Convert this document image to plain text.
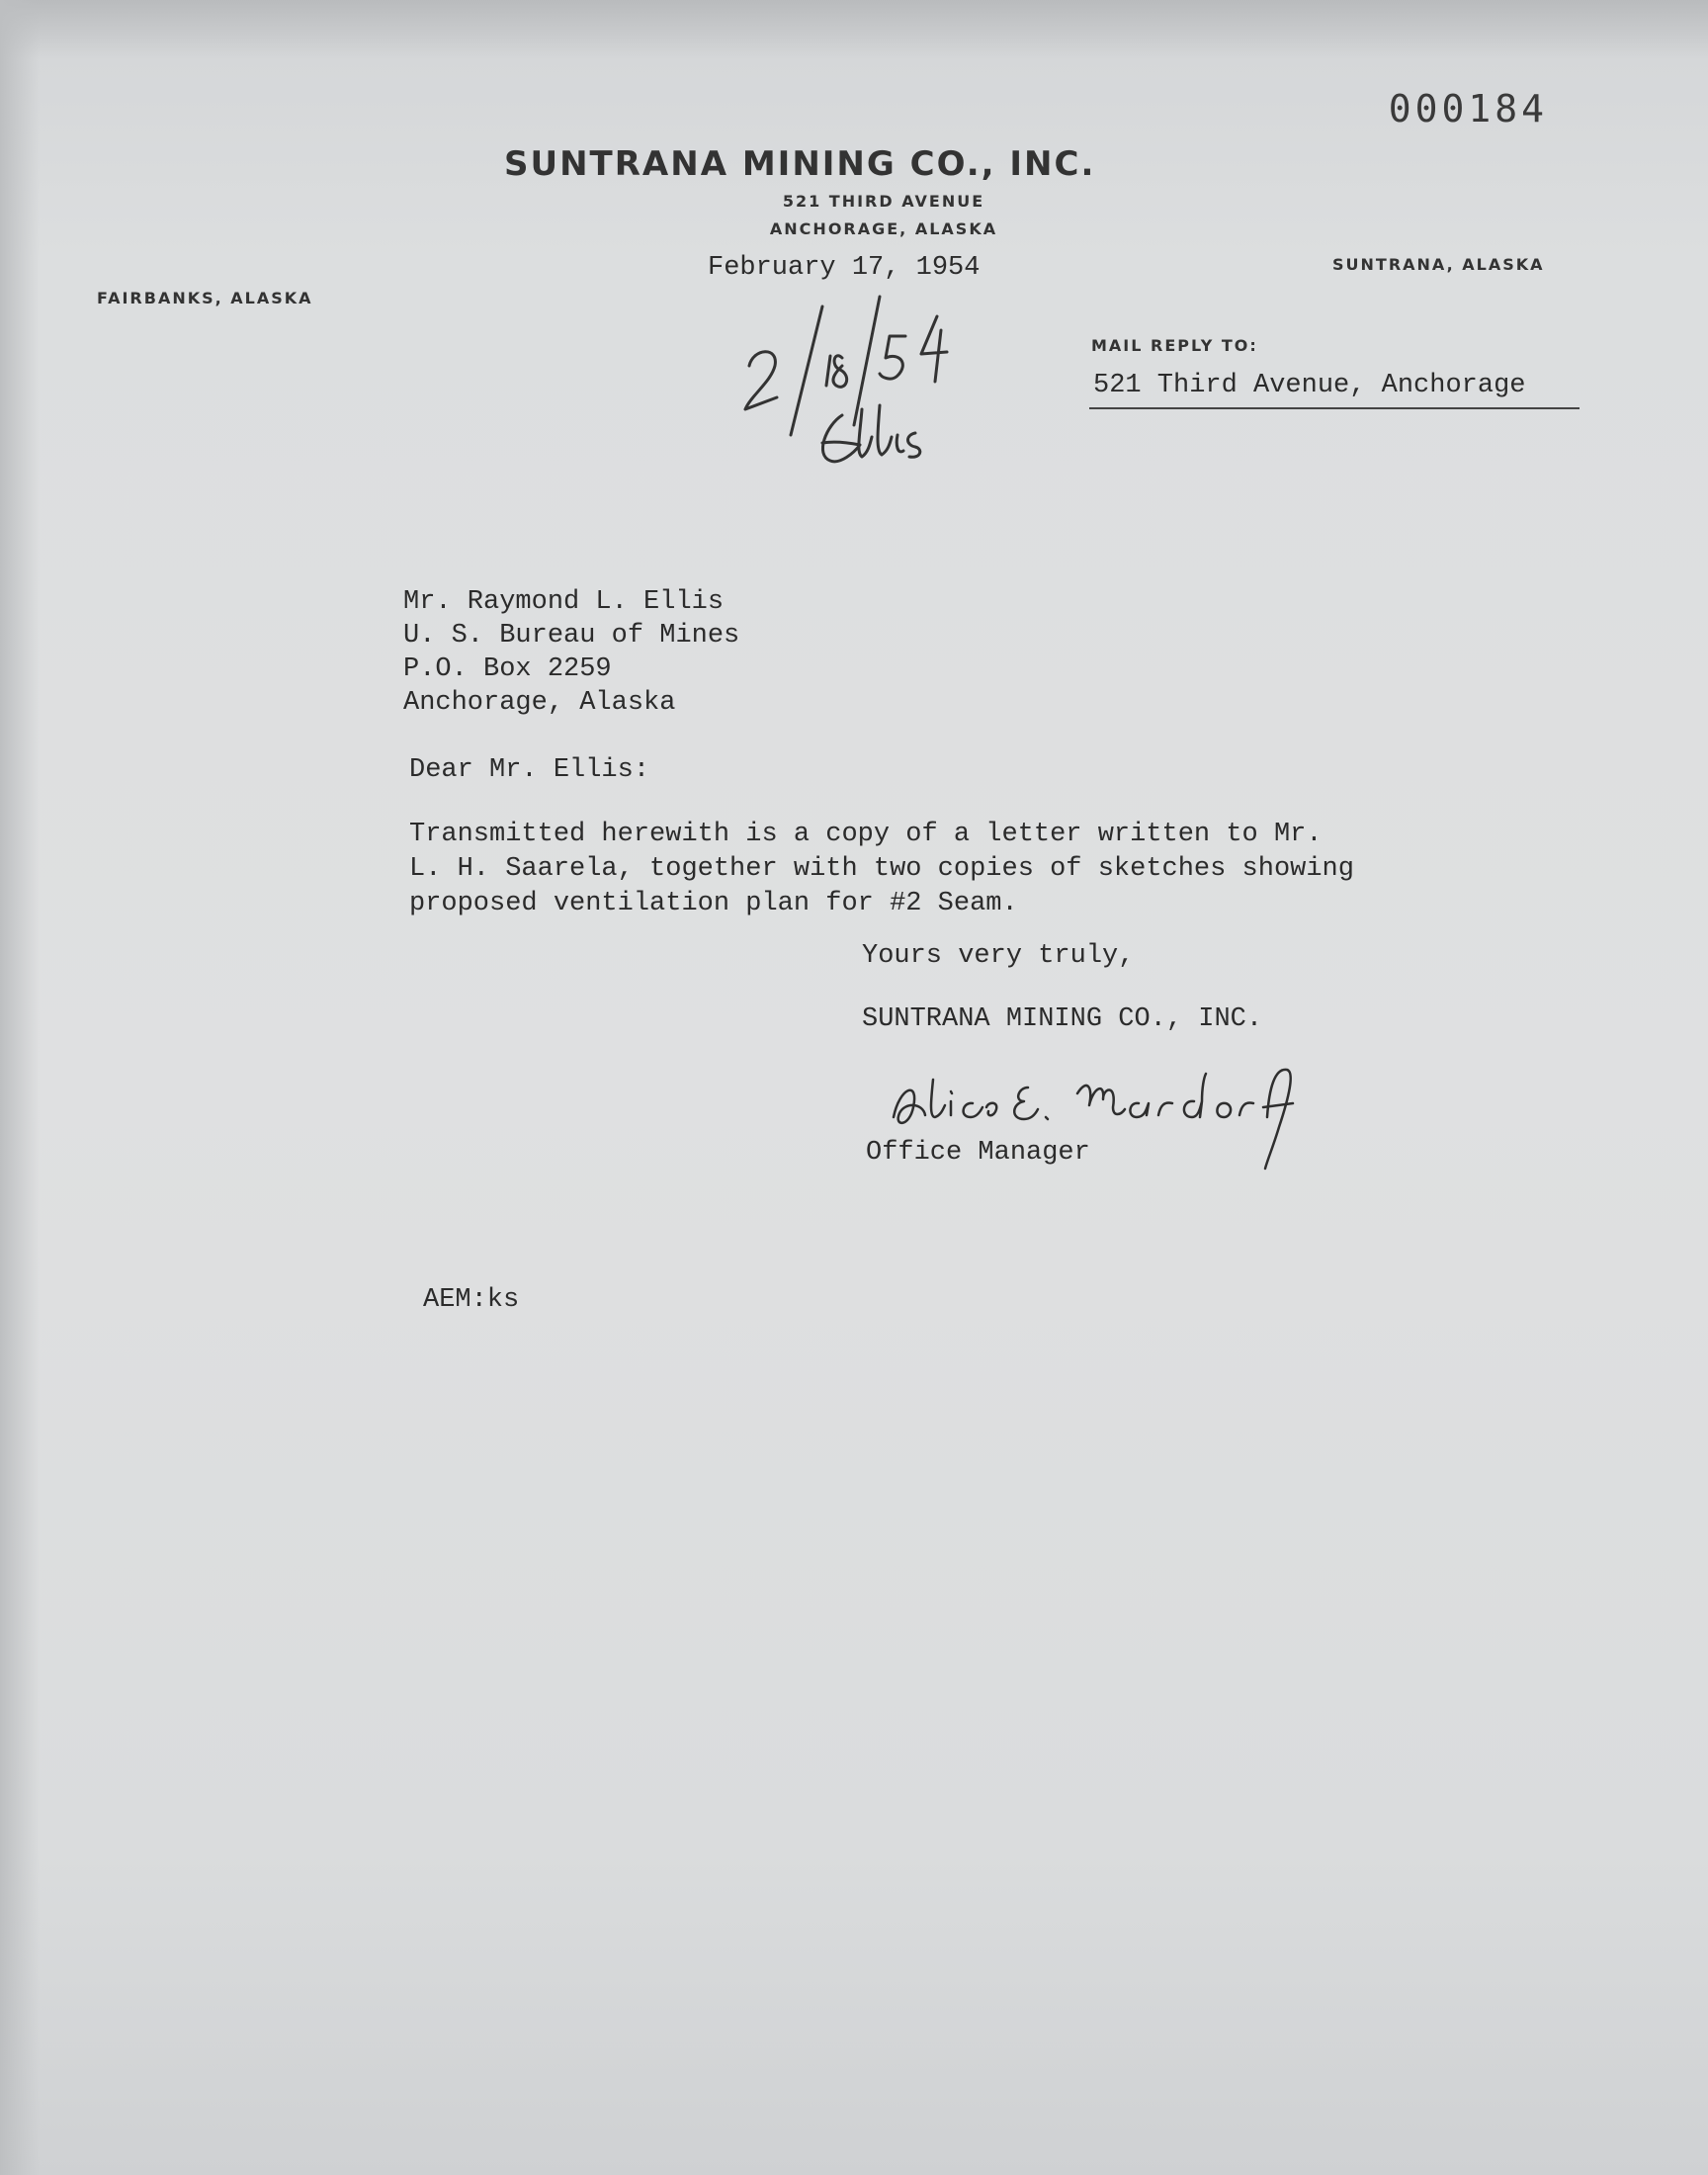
000184
SUNTRANA MINING CO., INC.
521 THIRD AVENUE
ANCHORAGE, ALASKA
February 17, 1954
FAIRBANKS, ALASKA
SUNTRANA, ALASKA
MAIL REPLY TO:
521 Third Avenue, Anchorage
Mr. Raymond L. Ellis
U. S. Bureau of Mines
P.O. Box 2259
Anchorage, Alaska
Dear Mr. Ellis:
Transmitted herewith is a copy of a letter written to Mr.
L. H. Saarela, together with two copies of sketches showing
proposed ventilation plan for #2 Seam.
Yours very truly,
SUNTRANA MINING CO., INC.
Office Manager
AEM:ks
